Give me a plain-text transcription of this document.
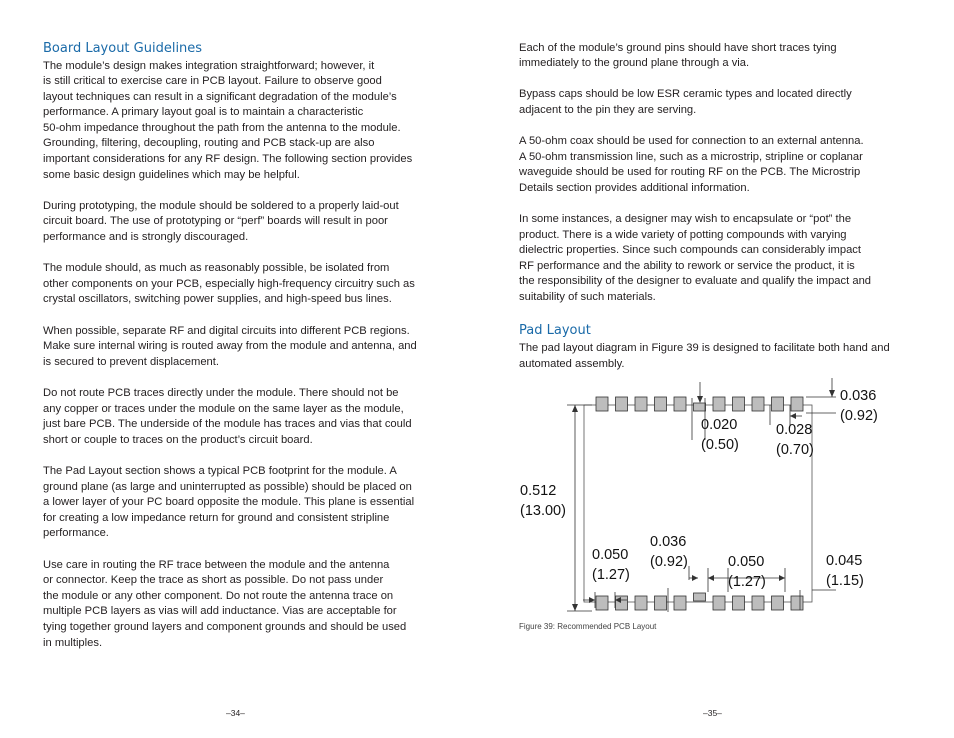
Board Layout Guidelines
–34–
Pad Layout

The pad layout diagram in Figure 39 is designed to facilitate both hand and
automated assembly.

0.512
(13.00)
0.020
(0.50)
0.028
(0.70)
0.036
(0.92)
0.050
(1.27)
0.036
(0.92)	0.050
(1.27)
0.045
(1.15)

Figure 39: Recommended PCB Layout

–35–

The module’s design makes integration straightforward; however, it
is still critical to exercise care in PCB layout. Failure to observe good
layout techniques can result in a significant degradation of the module’s
performance. A primary layout goal is to maintain a characteristic
50-ohm impedance throughout the path from the antenna to the module.
Grounding, filtering, decoupling, routing and PCB stack-up are also
important considerations for any RF design. The following section provides
some basic design guidelines which may be helpful.

During prototyping, the module should be soldered to a properly laid-out
circuit board. The use of prototyping or “perf” boards will result in poor
performance and is strongly discouraged.

The module should, as much as reasonably possible, be isolated from
other components on your PCB, especially high-frequency circuitry such as
crystal oscillators, switching power supplies, and high-speed bus lines.

When possible, separate RF and digital circuits into different PCB regions.
Make sure internal wiring is routed away from the module and antenna, and
is secured to prevent displacement.

Do not route PCB traces directly under the module. There should not be
any copper or traces under the module on the same layer as the module,
just bare PCB. The underside of the module has traces and vias that could
short or couple to traces on the product’s circuit board.

The Pad Layout section shows a typical PCB footprint for the module. A
ground plane (as large and uninterrupted as possible) should be placed on
a lower layer of your PC board opposite the module. This plane is essential
for creating a low impedance return for ground and consistent stripline
performance.

Use care in routing the RF trace between the module and the antenna
or connector. Keep the trace as short as possible. Do not pass under
the module or any other component. Do not route the antenna trace on
multiple PCB layers as vias will add inductance. Vias are acceptable for
tying together ground layers and component grounds and should be used
in multiples.

Each of the module’s ground pins should have short traces tying
immediately to the ground plane through a via.

Bypass caps should be low ESR ceramic types and located directly
adjacent to the pin they are serving.

A 50-ohm coax should be used for connection to an external antenna.
A 50-ohm transmission line, such as a microstrip, stripline or coplanar
waveguide should be used for routing RF on the PCB. The Microstrip
Details section provides additional information.

In some instances, a designer may wish to encapsulate or “pot” the
product. There is a wide variety of potting compounds with varying
dielectric properties. Since such compounds can considerably impact
RF performance and the ability to rework or service the product, it is
the responsibility of the designer to evaluate and qualify the impact and
suitability of such materials.
